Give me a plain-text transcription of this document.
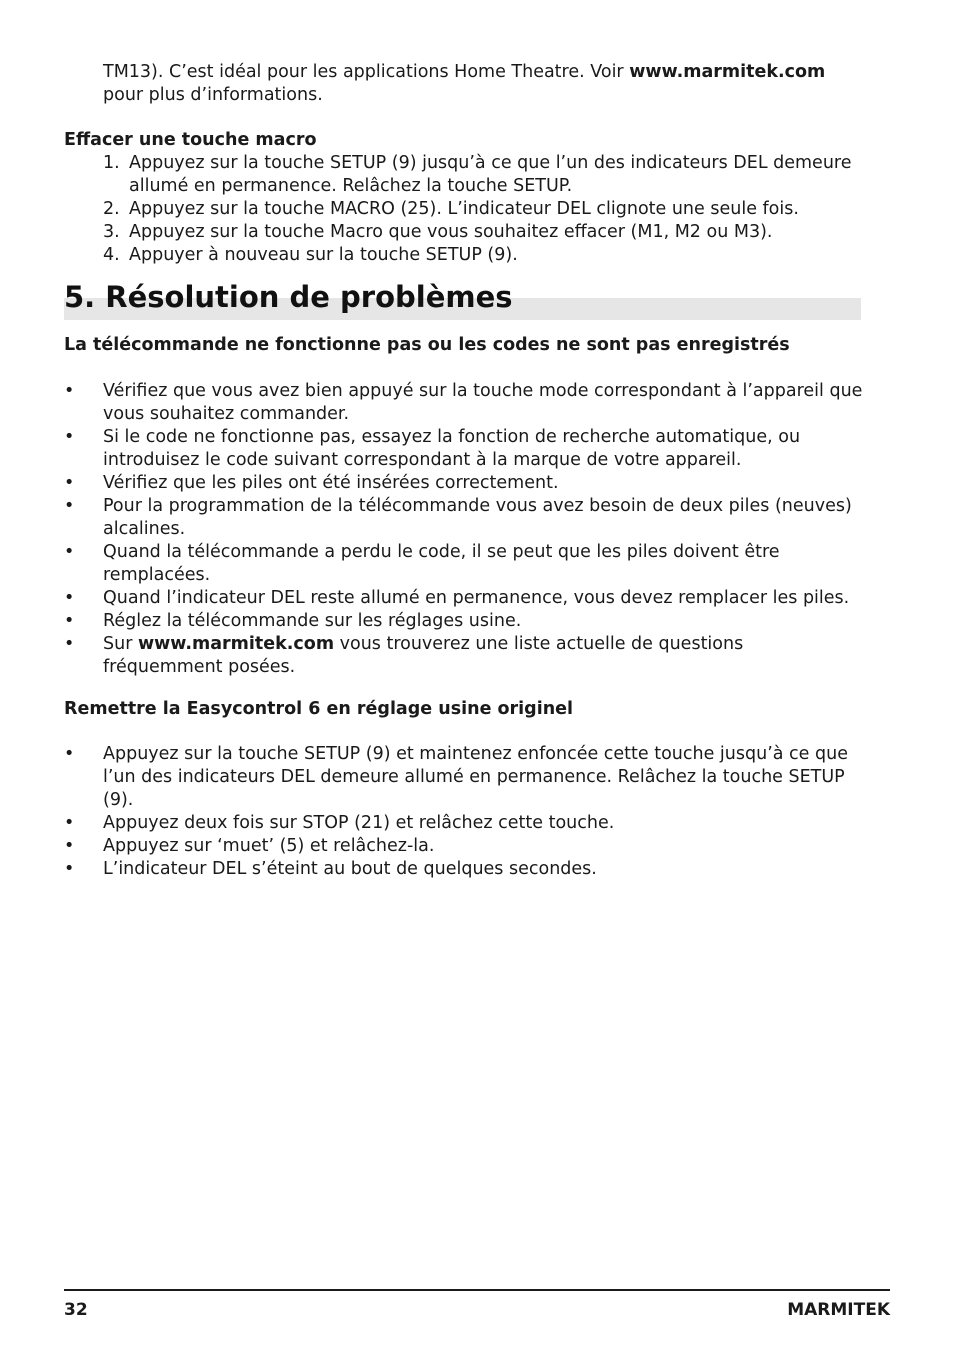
TM13). C’est idéal pour les applications Home Theatre. Voir www.marmitek.com
pour plus d’informations.
Effacer une touche macro
1. Appuyez sur la touche SETUP (9) jusqu’à ce que l’un des indicateurs DEL demeure allumé en permanence. Relâchez la touche SETUP.
2. Appuyez sur la touche MACRO (25). L’indicateur DEL clignote une seule fois.
3. Appuyez sur la touche Macro que vous souhaitez effacer (M1, M2 ou M3).
4. Appuyer à nouveau sur la touche SETUP (9).
5. Résolution de problèmes
La télécommande ne fonctionne pas ou les codes ne sont pas enregistrés
• Vérifiez que vous avez bien appuyé sur la touche mode correspondant à l’appareil que vous souhaitez commander.
• Si le code ne fonctionne pas, essayez la fonction de recherche automatique, ou introduisez le code suivant correspondant à la marque de votre appareil.
• Vérifiez que les piles ont été insérées correctement.
• Pour la programmation de la télécommande vous avez besoin de deux piles (neuves) alcalines.
• Quand la télécommande a perdu le code, il se peut que les piles doivent être remplacées.
• Quand l’indicateur DEL reste allumé en permanence, vous devez remplacer les piles.
• Réglez la télécommande sur les réglages usine.
• Sur www.marmitek.com vous trouverez une liste actuelle de questions fréquemment posées.
Remettre la Easycontrol 6 en réglage usine originel
• Appuyez sur la touche SETUP (9) et maintenez enfoncée cette touche jusqu’à ce que l’un des indicateurs DEL demeure allumé en permanence. Relâchez la touche SETUP (9).
• Appuyez deux fois sur STOP (21) et relâchez cette touche.
• Appuyez sur ‘muet’ (5) et relâchez-la.
• L’indicateur DEL s’éteint au bout de quelques secondes.
32	MARMITEK
